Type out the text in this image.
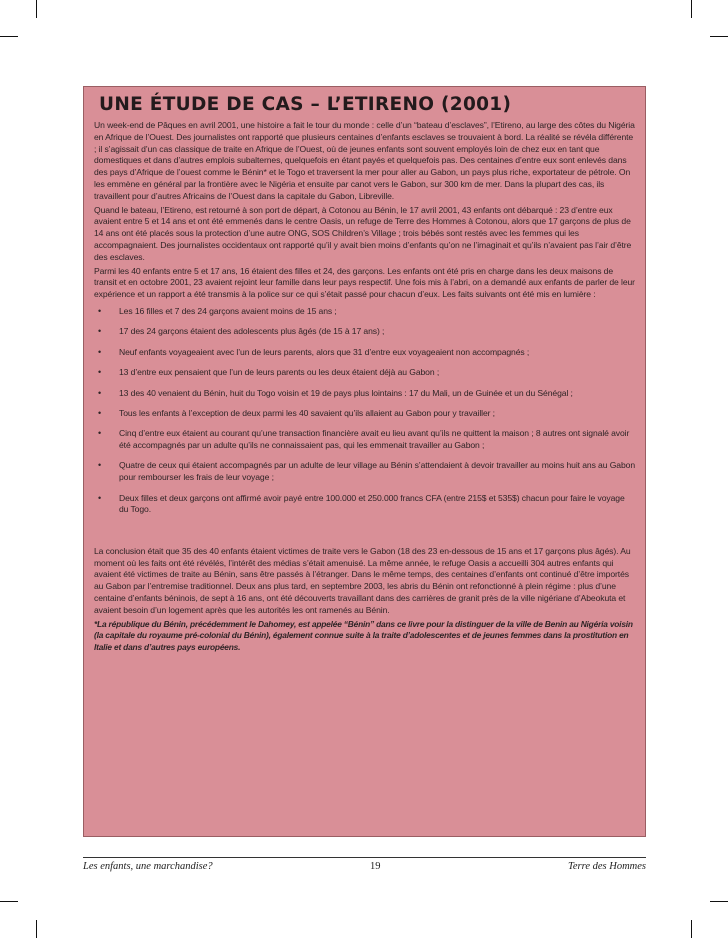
UNE ÉTUDE DE CAS – L’ETIRENO (2001)

Un week-end de Pâques en avril 2001, une histoire a fait le tour du monde : celle d’un “bateau d’esclaves”, l’Etireno, au large des côtes du Nigéria en Afrique de l’Ouest. Des journalistes ont rapporté que plusieurs centaines d’enfants esclaves se trouvaient à bord. La réalité se révéla différente ; il s’agissait d’un cas classique de traite en Afrique de l’Ouest, où de jeunes enfants sont souvent employés loin de chez eux en tant que domestiques et dans d’autres emplois subalternes, quelquefois en étant payés et quelquefois pas. Des centaines d’entre eux sont enlevés dans des pays d’Afrique de l’ouest comme le Bénin* et le Togo et traversent la mer pour aller au Gabon, un pays plus riche, exportateur de pétrole. On les emmène en général par la frontière avec le Nigéria et ensuite par canot vers le Gabon, sur 300 km de mer. Dans la plupart des cas, ils travaillent pour d’autres Africains de l’Ouest dans la capitale du Gabon, Libreville.

Quand le bateau, l’Etireno, est retourné à son port de départ, à Cotonou au Bénin, le 17 avril 2001, 43 enfants ont débarqué : 23 d’entre eux avaient entre 5 et 14 ans et ont été emmenés dans le centre Oasis, un refuge de Terre des Hommes à Cotonou, alors que 17 garçons de plus de 14 ans ont été placés sous la protection d’une autre ONG, SOS Children’s Village ; trois bébés sont restés avec les femmes qui les accompagnaient. Des journalistes occidentaux ont rapporté qu’il y avait bien moins d’enfants qu’on ne l’imaginait et qu’ils n’avaient pas l’air d’être des esclaves.

Parmi les 40 enfants entre 5 et 17 ans, 16 étaient des filles et 24, des garçons. Les enfants ont été pris en charge dans les deux maisons de transit et en octobre 2001, 23 avaient rejoint leur famille dans leur pays respectif. Une fois mis à l’abri, on a demandé aux enfants de parler de leur expérience et un rapport a été transmis à la police sur ce qui s’était passé pour chacun d’eux. Les faits suivants ont été mis en lumière :

• Les 16 filles et 7 des 24 garçons avaient moins de 15 ans ;
• 17 des 24 garçons étaient des adolescents plus âgés (de 15 à 17 ans) ;
• Neuf enfants voyageaient avec l’un de leurs parents, alors que 31 d’entre eux voyageaient non accompagnés ;
• 13 d’entre eux pensaient que l’un de leurs parents ou les deux étaient déjà au Gabon ;
• 13 des 40 venaient du Bénin, huit du Togo voisin et 19 de pays plus lointains : 17 du Mali, un de Guinée et un du Sénégal ;
• Tous les enfants à l’exception de deux parmi les 40 savaient qu’ils allaient au Gabon pour y travailler ;
• Cinq d’entre eux étaient au courant qu’une transaction financière avait eu lieu avant qu’ils ne quittent la maison ; 8 autres ont signalé avoir été accompagnés par un adulte qu’ils ne connaissaient pas, qui les emmenait travailler au Gabon ;
• Quatre de ceux qui étaient accompagnés par un adulte de leur village au Bénin s’attendaient à devoir travailler au moins huit ans au Gabon pour rembourser les frais de leur voyage ;
• Deux filles et deux garçons ont affirmé avoir payé entre 100.000 et 250.000 francs CFA (entre 215$ et 535$) chacun pour faire le voyage du Togo.

La conclusion était que 35 des 40 enfants étaient victimes de traite vers le Gabon (18 des 23 en-dessous de 15 ans et 17 garçons plus âgés). Au moment où les faits ont été révélés, l’intérêt des médias s’était amenuisé. La même année, le refuge Oasis a accueilli 304 autres enfants qui avaient été victimes de traite au Bénin, sans être passés à l’étranger. Dans le même temps, des centaines d’enfants ont continué d’être importés au Gabon par l’entremise traditionnel. Deux ans plus tard, en septembre 2003, les abris du Bénin ont refonctionné à plein régime : plus d’une centaine d’enfants béninois, de sept à 16 ans, ont été découverts travaillant dans des carrières de granit près de la ville nigériane d’Abeokuta et avaient besoin d’un logement après que les autorités les ont ramenés au Bénin.

*La république du Bénin, précédemment le Dahomey, est appelée “Bénin” dans ce livre pour la distinguer de la ville de Benin au Nigéria voisin (la capitale du royaume pré-colonial du Bénin), également connue suite à la traite d’adolescentes et de jeunes femmes dans la prostitution en Italie et dans d’autres pays européens.

Les enfants, une marchandise?	19	Terre des Hommes
